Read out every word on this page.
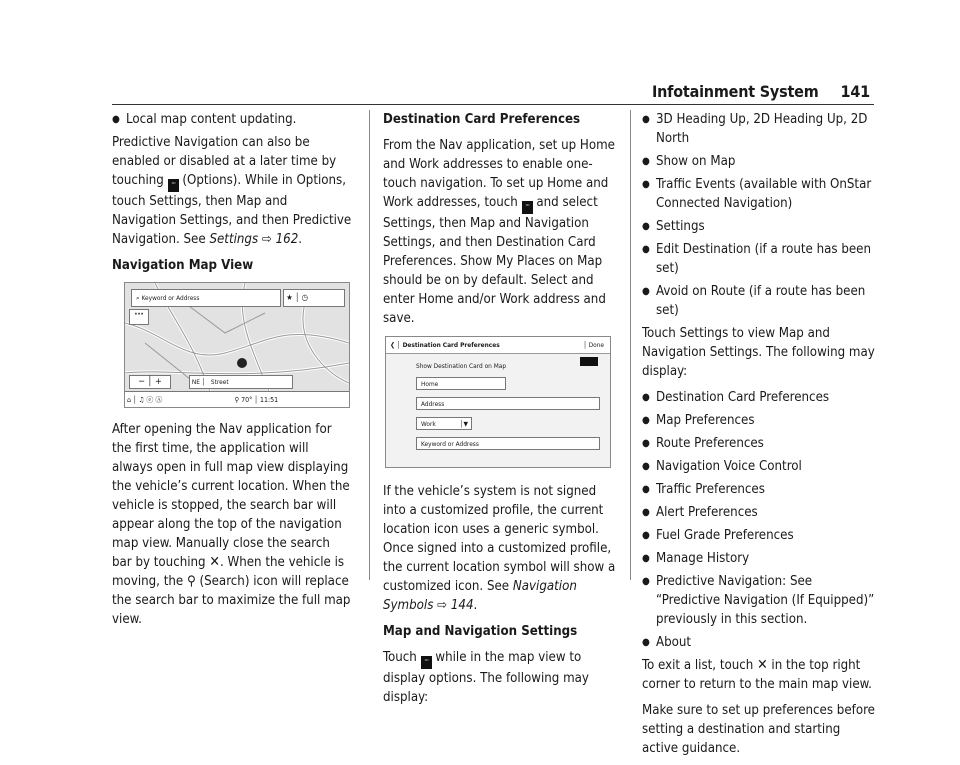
Infotainment System 141
● Local map content updating.

Predictive Navigation can also be enabled or disabled at a later time by touching ··· (Options). While in Options, touch Settings, then Map and Navigation Settings, and then Predictive Navigation. See Settings ⇨ 162.

Navigation Map View
⌕ Keyword or Address	★ │ ◷
···
− │ +	NE │   Street
⌂ │ ♫ ⓔ Ⓐ	⚲ 70° │ 11:51

After opening the Nav application for the first time, the application will always open in full map view displaying the vehicle’s current location. When the vehicle is stopped, the search bar will appear along the top of the navigation map view. Manually close the search bar by touching ✕. When the vehicle is moving, the ⚲ (Search) icon will replace the search bar to maximize the full map view.

Destination Card Preferences

From the Nav application, set up Home and Work addresses to enable one-touch navigation. To set up Home and Work addresses, touch ··· and select Settings, then Map and Navigation Settings, and then Destination Card Preferences. Show My Places on Map should be on by default. Select and enter Home and/or Work address and save.

❮ │ Destination Card Preferences	│ Done
Show Destination Card on Map
Home
Address
Work	│▼
Keyword or Address

If the vehicle’s system is not signed into a customized profile, the current location icon uses a generic symbol. Once signed into a customized profile, the current location symbol will show a customized icon. See Navigation Symbols ⇨ 144.

Map and Navigation Settings

Touch ··· while in the map view to display options. The following may display:

● 3D Heading Up, 2D Heading Up, 2D North
● Show on Map
● Traffic Events (available with OnStar Connected Navigation)
● Settings
● Edit Destination (if a route has been set)
● Avoid on Route (if a route has been set)

Touch Settings to view Map and Navigation Settings. The following may display:

● Destination Card Preferences
● Map Preferences
● Route Preferences
● Navigation Voice Control
● Traffic Preferences
● Alert Preferences
● Fuel Grade Preferences
● Manage History
● Predictive Navigation: See “Predictive Navigation (If Equipped)” previously in this section.
● About

To exit a list, touch ✕ in the top right corner to return to the main map view.

Make sure to set up preferences before setting a destination and starting active guidance.
